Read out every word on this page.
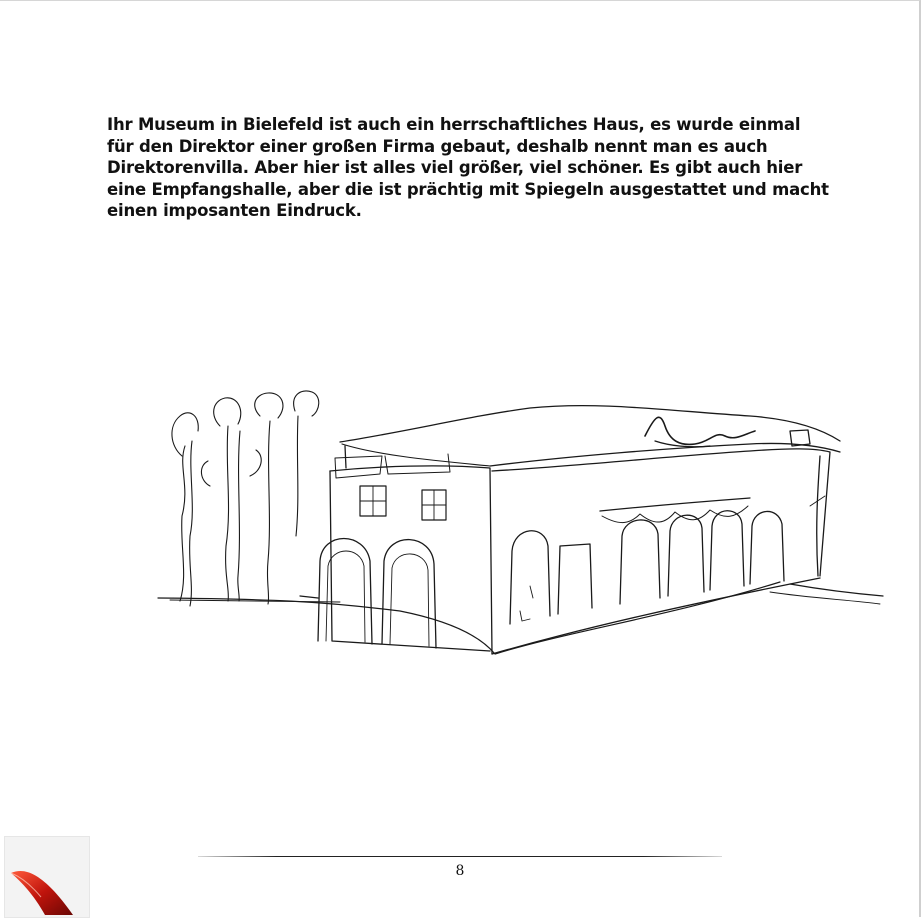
Ihr Museum in Bielefeld ist auch ein herrschaftliches Haus, es wurde einmal
für den Direktor einer großen Firma gebaut, deshalb nennt man es auch
Direktorenvilla. Aber hier ist alles viel größer, viel schöner. Es gibt auch hier
eine Empfangshalle, aber die ist prächtig mit Spiegeln ausgestattet und macht
einen imposanten Eindruck.
8
